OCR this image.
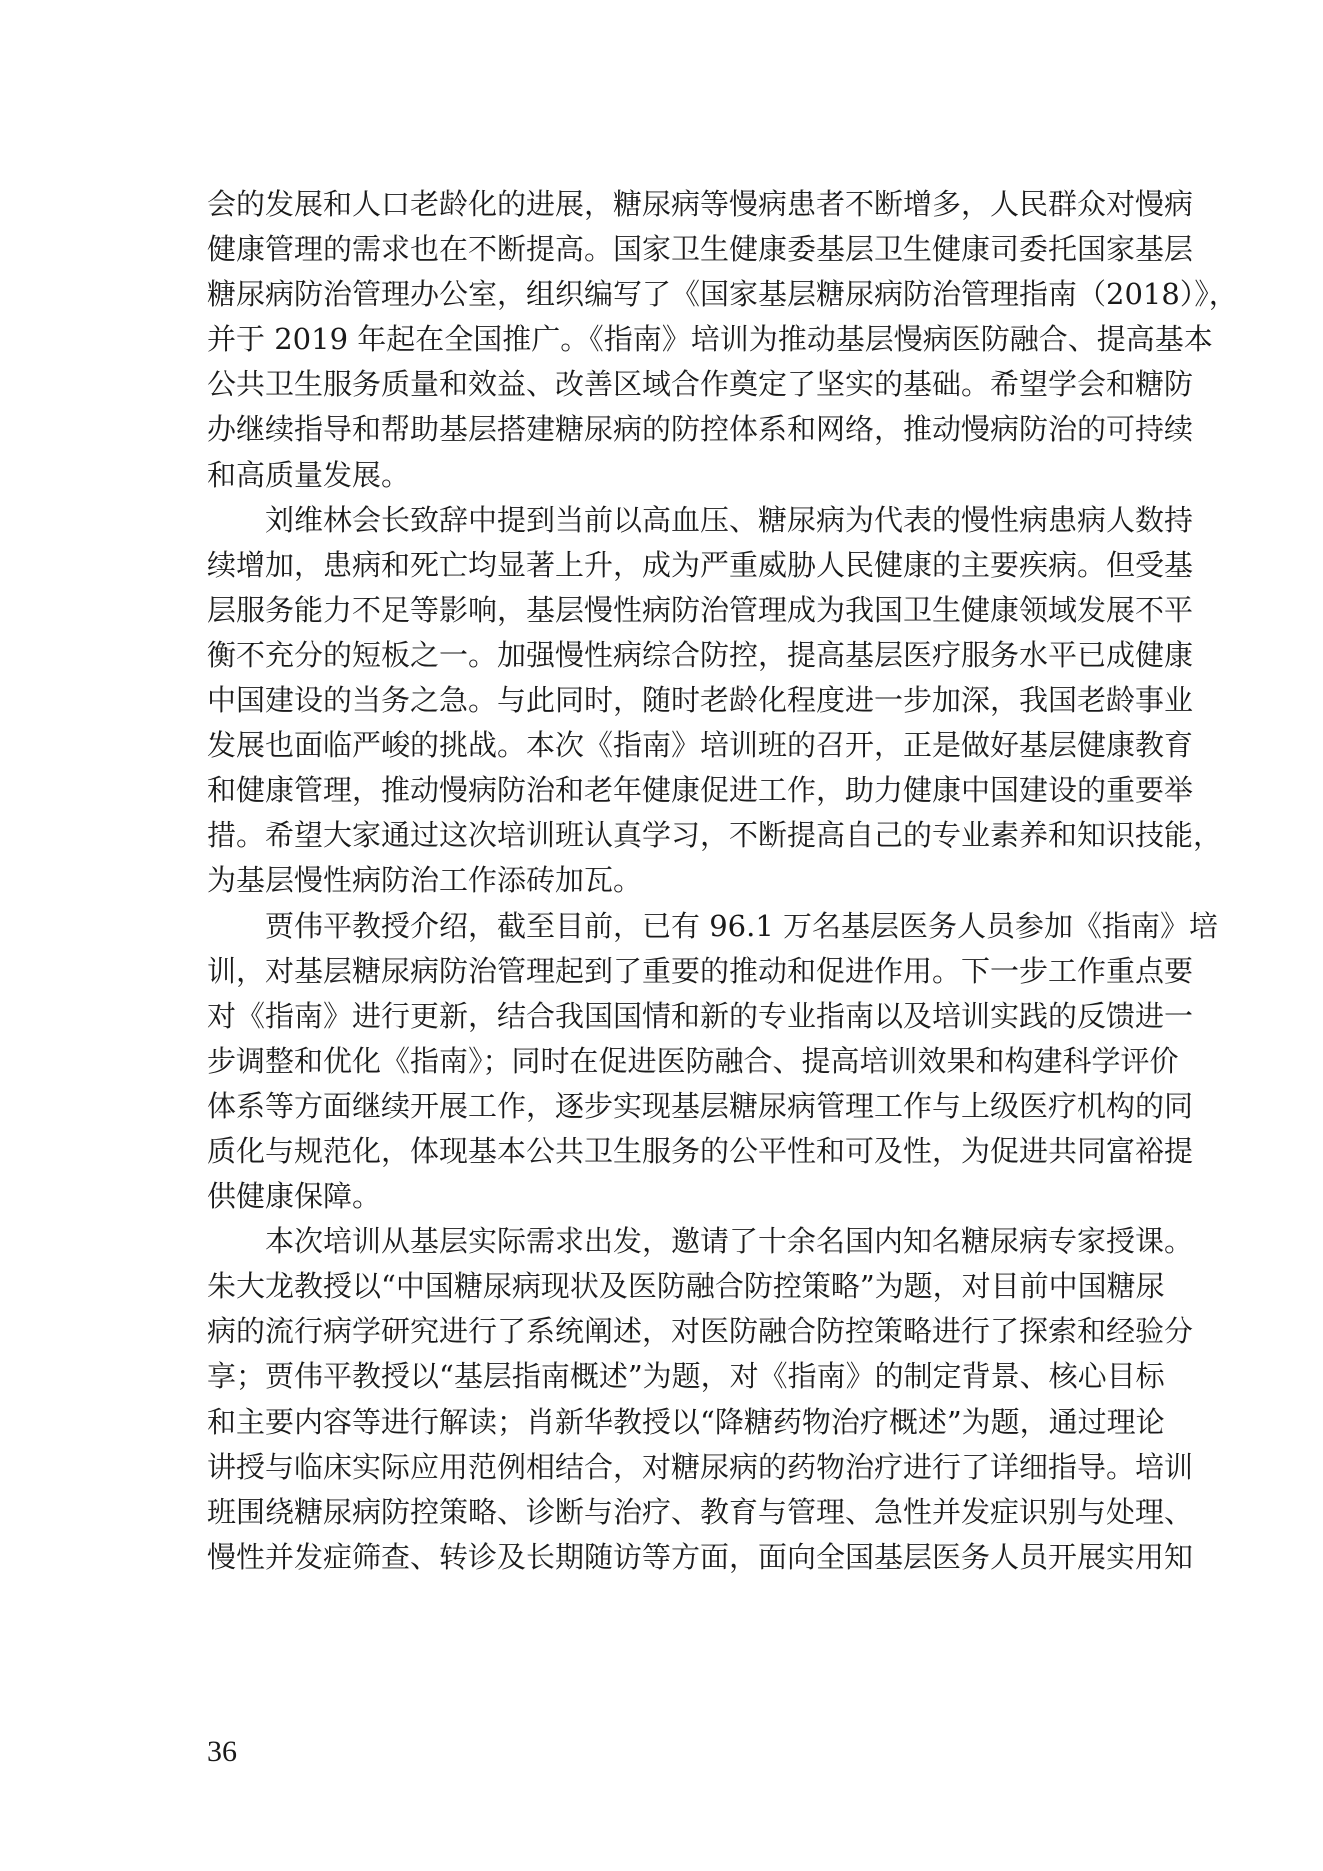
会的发展和人口老龄化的进展，糖尿病等慢病患者不断增多，人民群众对慢病
健康管理的需求也在不断提高。国家卫生健康委基层卫生健康司委托国家基层
糖尿病防治管理办公室，组织编写了《国家基层糖尿病防治管理指南（2018）》，
并于 2019 年起在全国推广。《指南》培训为推动基层慢病医防融合、提高基本
公共卫生服务质量和效益、改善区域合作奠定了坚实的基础。希望学会和糖防
办继续指导和帮助基层搭建糖尿病的防控体系和网络，推动慢病防治的可持续
和高质量发展。
　　刘维林会长致辞中提到当前以高血压、糖尿病为代表的慢性病患病人数持
续增加，患病和死亡均显著上升，成为严重威胁人民健康的主要疾病。但受基
层服务能力不足等影响，基层慢性病防治管理成为我国卫生健康领域发展不平
衡不充分的短板之一。加强慢性病综合防控，提高基层医疗服务水平已成健康
中国建设的当务之急。与此同时，随时老龄化程度进一步加深，我国老龄事业
发展也面临严峻的挑战。本次《指南》培训班的召开，正是做好基层健康教育
和健康管理，推动慢病防治和老年健康促进工作，助力健康中国建设的重要举
措。希望大家通过这次培训班认真学习，不断提高自己的专业素养和知识技能，
为基层慢性病防治工作添砖加瓦。
　　贾伟平教授介绍，截至目前，已有 96.1 万名基层医务人员参加《指南》培
训，对基层糖尿病防治管理起到了重要的推动和促进作用。下一步工作重点要
对《指南》进行更新，结合我国国情和新的专业指南以及培训实践的反馈进一
步调整和优化《指南》；同时在促进医防融合、提高培训效果和构建科学评价
体系等方面继续开展工作，逐步实现基层糖尿病管理工作与上级医疗机构的同
质化与规范化，体现基本公共卫生服务的公平性和可及性，为促进共同富裕提
供健康保障。
　　本次培训从基层实际需求出发，邀请了十余名国内知名糖尿病专家授课。
朱大龙教授以“中国糖尿病现状及医防融合防控策略”为题，对目前中国糖尿
病的流行病学研究进行了系统阐述，对医防融合防控策略进行了探索和经验分
享；贾伟平教授以“基层指南概述”为题，对《指南》的制定背景、核心目标
和主要内容等进行解读；肖新华教授以“降糖药物治疗概述”为题，通过理论
讲授与临床实际应用范例相结合，对糖尿病的药物治疗进行了详细指导。培训
班围绕糖尿病防控策略、诊断与治疗、教育与管理、急性并发症识别与处理、
慢性并发症筛查、转诊及长期随访等方面，面向全国基层医务人员开展实用知
36
